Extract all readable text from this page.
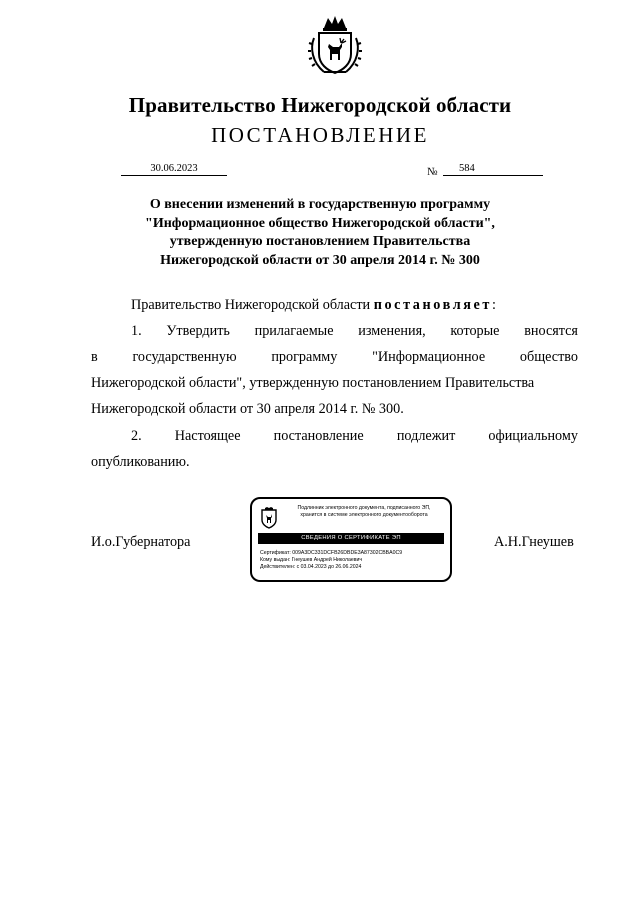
Правительство Нижегородской области
ПОСТАНОВЛЕНИЕ
30.06.2023	№	584
О внесении изменений в государственную программу
"Информационное общество Нижегородской области",
утвержденную постановлением Правительства
Нижегородской области от 30 апреля 2014 г. № 300
Правительство Нижегородской области постановляет:
1. Утвердить прилагаемые изменения, которые вносятся
в государственную программу "Информационное общество
Нижегородской области", утвержденную постановлением Правительства
Нижегородской области от 30 апреля 2014 г. № 300.
2. Настоящее постановление подлежит официальному
опубликованию.
И.о.Губернатора	А.Н.Гнеушев
Подлинник электронного документа, подписанного ЭП,
хранится в системе электронного документооборота
СВЕДЕНИЯ О СЕРТИФИКАТЕ ЭП
Сертификат: 009A3DC331DCFB26DBDE3A87302CBBA0C9
Кому выдан: Гнеушев Андрей Николаевич
Действителен: с 03.04.2023 до 26.06.2024
